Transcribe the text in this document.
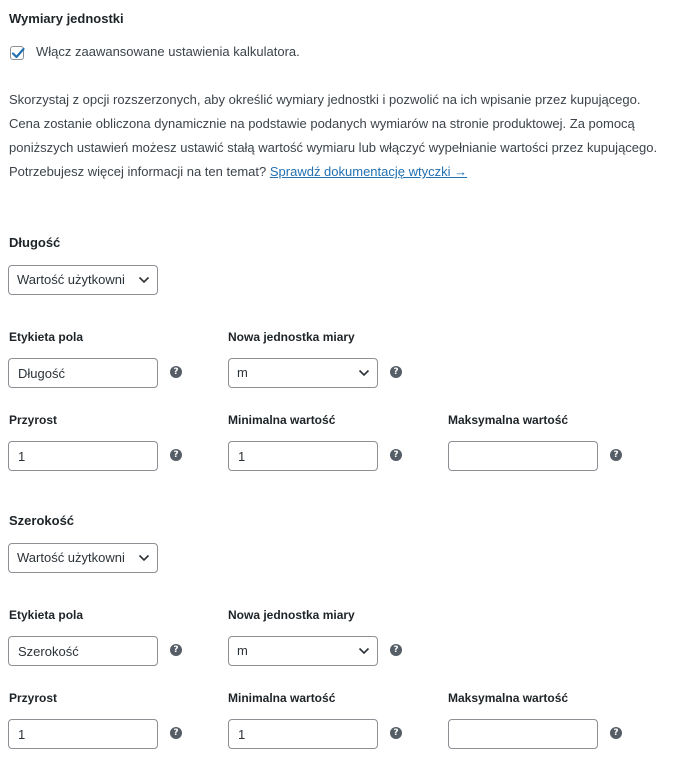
Wymiary jednostki
Włącz zaawansowane ustawienia kalkulatora.
Skorzystaj z opcji rozszerzonych, aby określić wymiary jednostki i pozwolić na ich wpisanie przez kupującego.
Cena zostanie obliczona dynamicznie na podstawie podanych wymiarów na stronie produktowej. Za pomocą
poniższych ustawień możesz ustawić stałą wartość wymiaru lub włączyć wypełnianie wartości przez kupującego.
Potrzebujesz więcej informacji na ten temat? Sprawdź dokumentację wtyczki →
Długość
Wartość użytkowni
Etykieta pola
Długość
?
Nowa jednostka miary
m	?
Przyrost
1
?
Minimalna wartość
1
?
Maksymalna wartość
?
Szerokość
Wartość użytkowni
Etykieta pola
Szerokość
?
Nowa jednostka miary
m	?
Przyrost
1
?
Minimalna wartość
1
?
Maksymalna wartość
?
